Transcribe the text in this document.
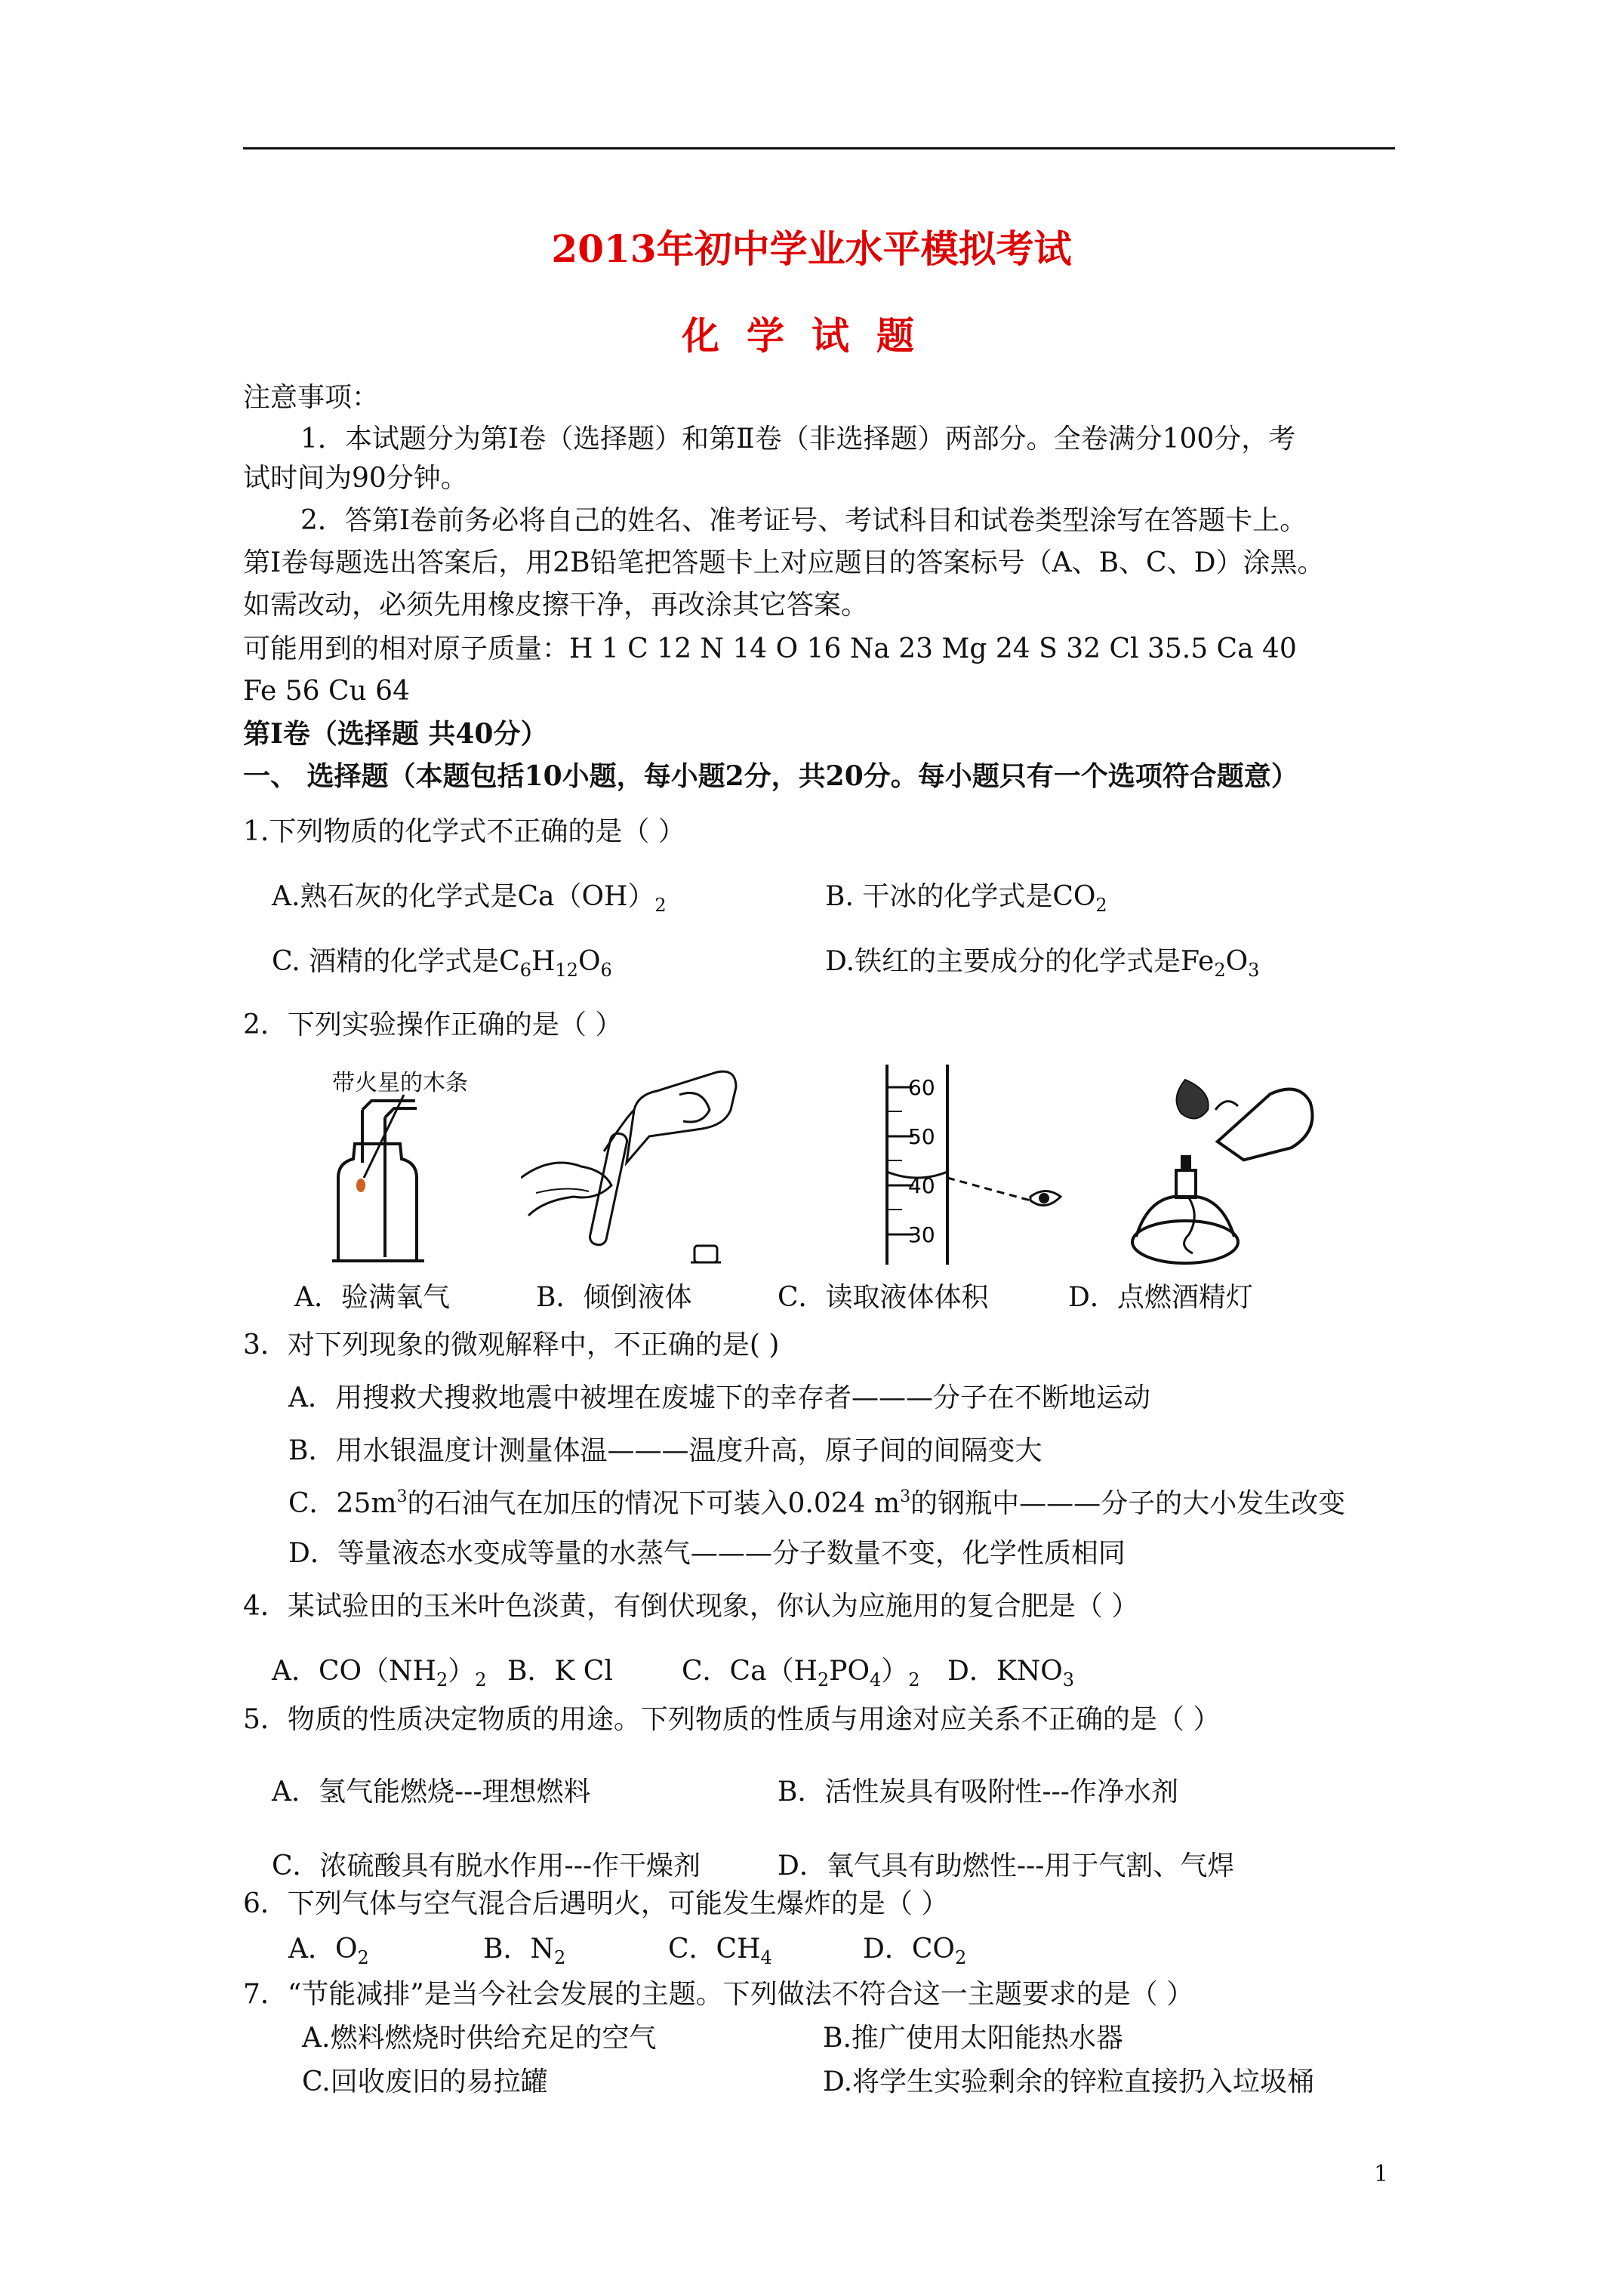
2013年初中学业水平模拟考试
化学试题
注意事项：
1．本试题分为第Ⅰ卷（选择题）和第Ⅱ卷（非选择题）两部分。全卷满分100分，考
试时间为90分钟。
2．答第Ⅰ卷前务必将自己的姓名、准考证号、考试科目和试卷类型涂写在答题卡上。
第Ⅰ卷每题选出答案后，用2B铅笔把答题卡上对应题目的答案标号（A、B、C、D）涂黑。
如需改动，必须先用橡皮擦干净，再改涂其它答案。
可能用到的相对原子质量：H 1 C 12 N 14 O 16 Na 23 Mg 24 S 32 Cl 35.5 Ca 40
Fe 56 Cu 64
第Ⅰ卷（选择题 共40分）
一、 选择题（本题包括10小题，每小题2分，共20分。每小题只有一个选项符合题意）
1.下列物质的化学式不正确的是（ ）
A.熟石灰的化学式是$Ca(OH)_2$	B. 干冰的化学式是$CO_2$
C. 酒精的化学式是$C_6H_{12}O_6$	D.铁红的主要成分的化学式是$Fe_2O_3$
2．下列实验操作正确的是（ ）
带火星的木条	60
50
40
30
A．验满氧气	B．倾倒液体	C．读取液体体积	D．点燃酒精灯
3．对下列现象的微观解释中，不正确的是( )
A．用搜救犬搜救地震中被埋在废墟下的幸存者———分子在不断地运动
B．用水银温度计测量体温———温度升高，原子间的间隔变大
C．$25m^3$的石油气在加压的情况下可装入0.024 $m^3$的钢瓶中———分子的大小发生改变
D．等量液态水变成等量的水蒸气———分子数量不变，化学性质相同
4．某试验田的玉米叶色淡黄，有倒伏现象，你认为应施用的复合肥是（ ）
A．$CO(NH_2)_2$ B．K Cl	C．$Ca(H_2PO_4)_2$ D．$KNO_3$
5．物质的性质决定物质的用途。下列物质的性质与用途对应关系不正确的是（ ）
A．氢气能燃烧---理想燃料	B．活性炭具有吸附性---作净水剂
C．浓硫酸具有脱水作用---作干燥剂	D．氧气具有助燃性---用于气割、气焊
6．下列气体与空气混合后遇明火，可能发生爆炸的是（ ）
A．$O_2$	B．$N_2$	C．$CH_4$	D．$CO_2$
7．“节能减排”是当今社会发展的主题。下列做法不符合这一主题要求的是（ ）
A.燃料燃烧时供给充足的空气	B.推广使用太阳能热水器
C.回收废旧的易拉罐	D.将学生实验剩余的锌粒直接扔入垃圾桶
1
